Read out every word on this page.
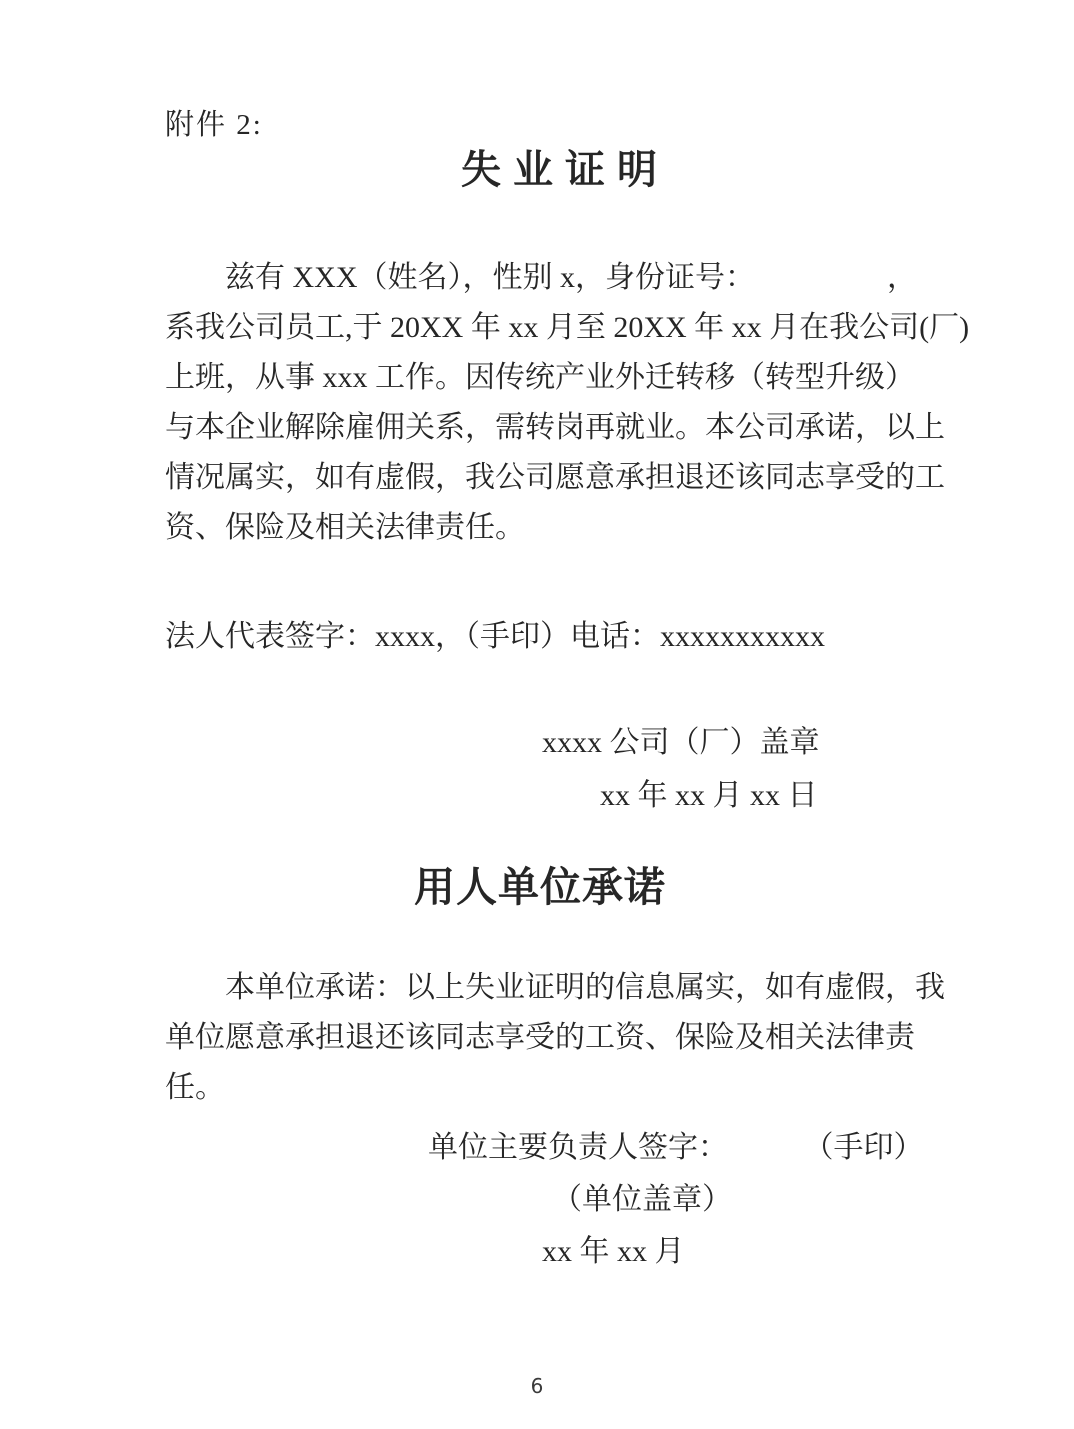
附件 2:
失业证明
兹有 XXX（姓名），性别 x，身份证号：	，
系我公司员工,于 20XX 年 xx 月至 20XX 年 xx 月在我公司(厂)
上班，从事 xxx 工作。因传统产业外迁转移（转型升级）
与本企业解除雇佣关系，需转岗再就业。本公司承诺，以上
情况属实，如有虚假，我公司愿意承担退还该同志享受的工
资、保险及相关法律责任。
法人代表签字：xxxx，（手印）电话：xxxxxxxxxxx
xxxx 公司（厂）盖章
xx 年 xx 月 xx 日
用人单位承诺
本单位承诺：以上失业证明的信息属实，如有虚假，我
单位愿意承担退还该同志享受的工资、保险及相关法律责
任。
单位主要负责人签字：	（手印）
（单位盖章）
xx 年 xx 月
6
